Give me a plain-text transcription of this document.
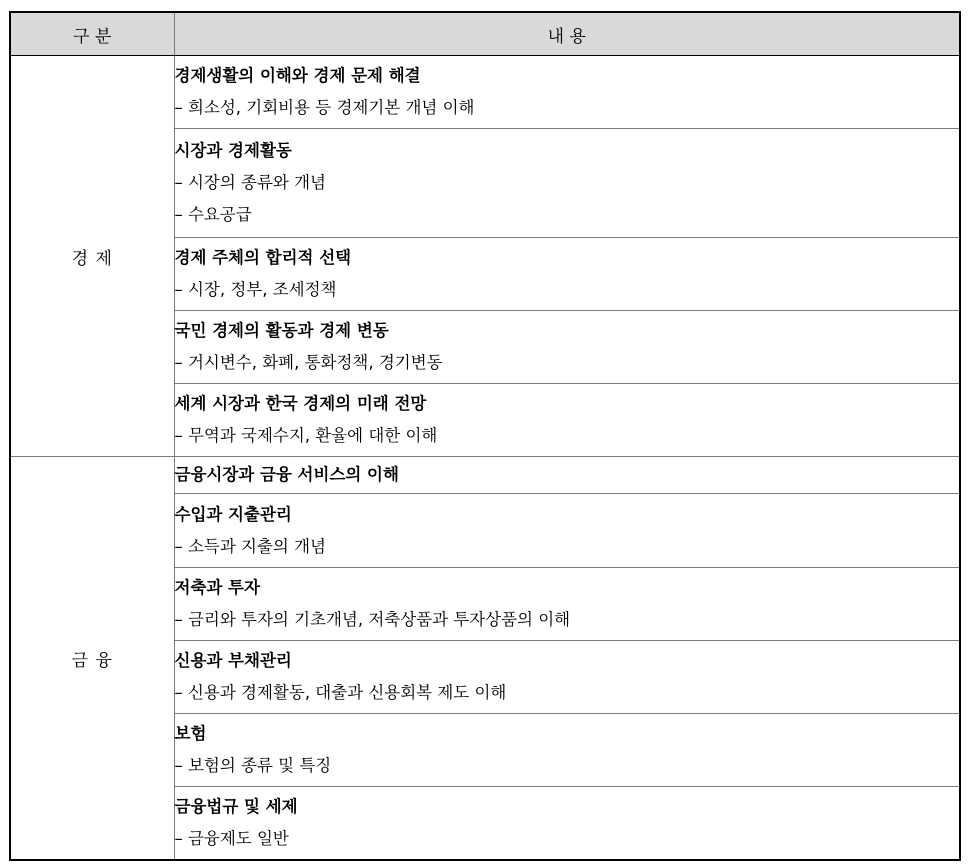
구 분	내 용
경 제	경제생활의 이해와 경제 문제 해결
– 희소성, 기회비용 등 경제기본 개념 이해

	시장과 경제활동
– 시장의 종류와 개념
– 수요공급

	경제 주체의 합리적 선택
– 시장, 정부, 조세정책

	국민 경제의 활동과 경제 변동
– 거시변수, 화폐, 통화정책, 경기변동

	세계 시장과 한국 경제의 미래 전망
– 무역과 국제수지, 환율에 대한 이해

금 융	금융시장과 금융 서비스의 이해

	수입과 지출관리
– 소득과 지출의 개념

	저축과 투자
– 금리와 투자의 기초개념, 저축상품과 투자상품의 이해

	신용과 부채관리
– 신용과 경제활동, 대출과 신용회복 제도 이해

	보험
– 보험의 종류 및 특징

	금융법규 및 세제
– 금융제도 일반
